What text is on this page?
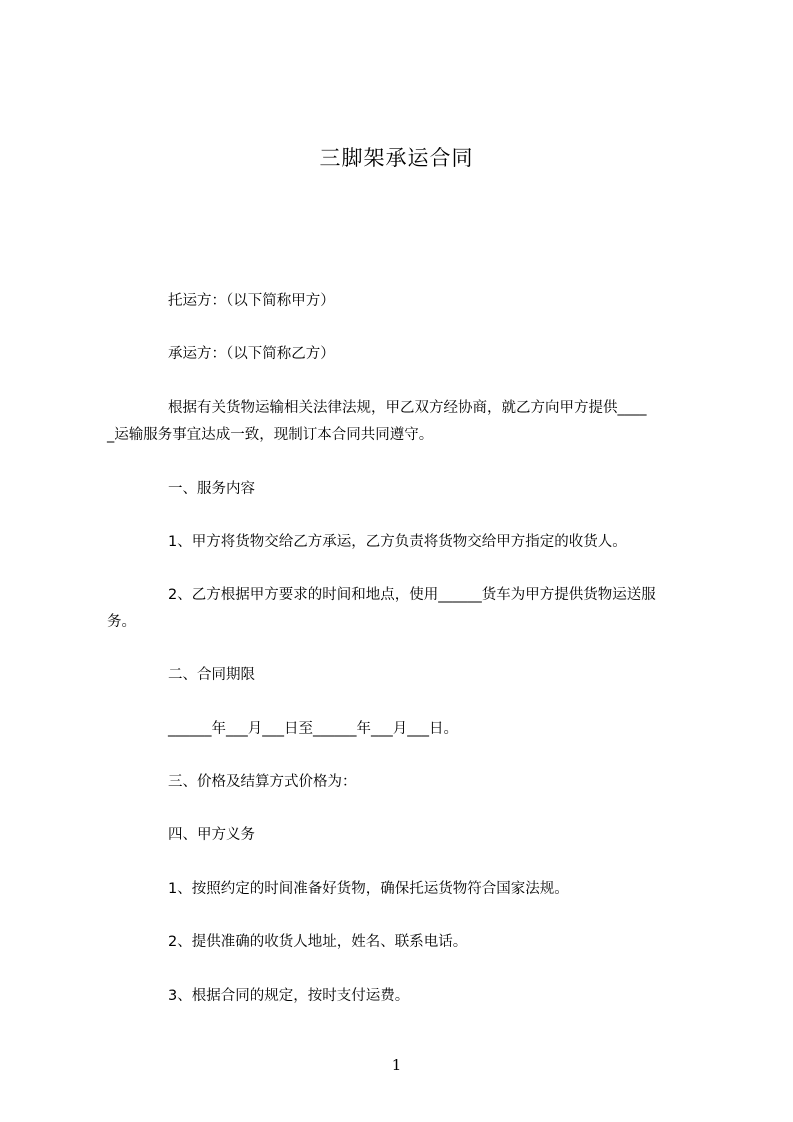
三脚架承运合同
托运方：（以下简称甲方）
承运方：（以下简称乙方）
根据有关货物运输相关法律法规，甲乙双方经协商，就乙方向甲方提供____
_运输服务事宜达成一致，现制订本合同共同遵守。
一、服务内容
1、甲方将货物交给乙方承运，乙方负责将货物交给甲方指定的收货人。
2、乙方根据甲方要求的时间和地点，使用______货车为甲方提供货物运送服
务。
二、合同期限
______年___月___日至______年___月___日。
三、价格及结算方式价格为：
四、甲方义务
1、按照约定的时间准备好货物，确保托运货物符合国家法规。
2、提供准确的收货人地址，姓名、联系电话。
3、根据合同的规定，按时支付运费。
1
